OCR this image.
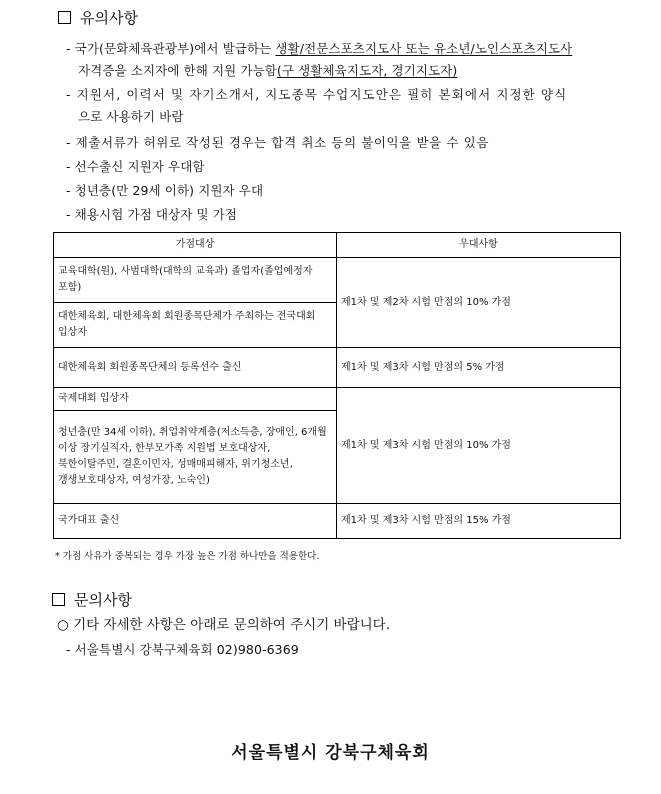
유의사항
- 국가(문화체육관광부)에서 발급하는 생활/전문스포츠지도사 또는 유소년/노인스포츠지도사
자격증을 소지자에 한해 지원 가능함(구 생활체육지도자, 경기지도자)
- 지원서, 이력서 및 자기소개서, 지도종목 수업지도안은 필히 본회에서 지정한 양식
으로 사용하기 바람
- 제출서류가 허위로 작성된 경우는 합격 취소 등의 불이익을 받을 수 있음
- 선수출신 지원자 우대함
- 청년층(만 29세 이하) 지원자 우대
- 채용시험 가점 대상자 및 가점
가점대상	우대사항
교육대학(원), 사범대학(대학의 교육과) 졸업자(졸업예정자 포함)	제1차 및 제2차 시험 만점의 10% 가점
대한체육회, 대한체육회 회원종목단체가 주최하는 전국대회 입상자	
대한체육회 회원종목단체의 등록선수 출신	제1차 및 제3차 시험 만점의 5% 가점
국제대회 입상자	제1차 및 제3차 시험 만점의 10% 가점
청년층(만 34세 이하), 취업취약계층(저소득층, 장애인, 6개월 이상 장기실직자, 한부모가족 지원법 보호대상자, 북한이탈주민, 결혼이민자, 성매매피해자, 위기청소년, 갱생보호대상자, 여성가장, 노숙인)	
국가대표 출신	제1차 및 제3차 시험 만점의 15% 가점
* 가점 사유가 중복되는 경우 가장 높은 가점 하나만을 적용한다.
문의사항
○ 기타 자세한 사항은 아래로 문의하여 주시기 바랍니다.
- 서울특별시 강북구체육회 02)980-6369
서울특별시 강북구체육회
